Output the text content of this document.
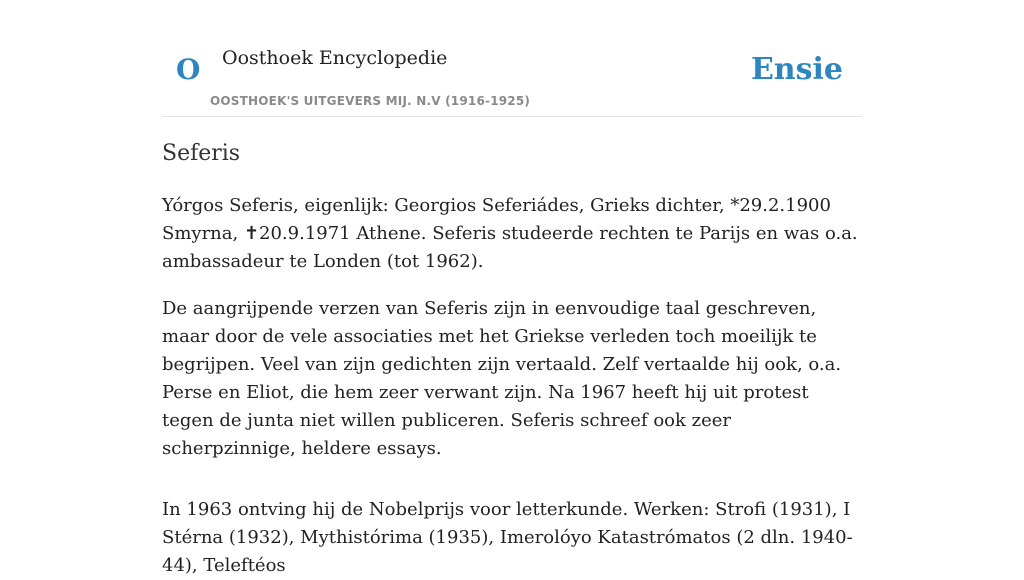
O Oosthoek Encyclopedie
OOSTHOEK'S UITGEVERS MIJ. N.V (1916-1925)
Ensie
Seferis

Yórgos Seferis, eigenlijk: Georgios Seferiádes, Grieks dichter, *29.2.1900 Smyrna, ✝20.9.1971 Athene. Seferis studeerde rechten te Parijs en was o.a. ambassadeur te Londen (tot 1962).

De aangrijpende verzen van Seferis zijn in eenvoudige taal geschreven, maar door de vele associaties met het Griekse verleden toch moeilijk te begrijpen. Veel van zijn gedichten zijn vertaald. Zelf vertaalde hij ook, o.a. Perse en Eliot, die hem zeer verwant zijn. Na 1967 heeft hij uit protest tegen de junta niet willen publiceren. Seferis schreef ook zeer scherpzinnige, heldere essays.

In 1963 ontving hij de Nobelprijs voor letterkunde. Werken: Strofi (1931), I Stérna (1932), Mythistórima (1935), Imerolóyo Katastrómatos (2 dln. 1940-44), Teleftéos
